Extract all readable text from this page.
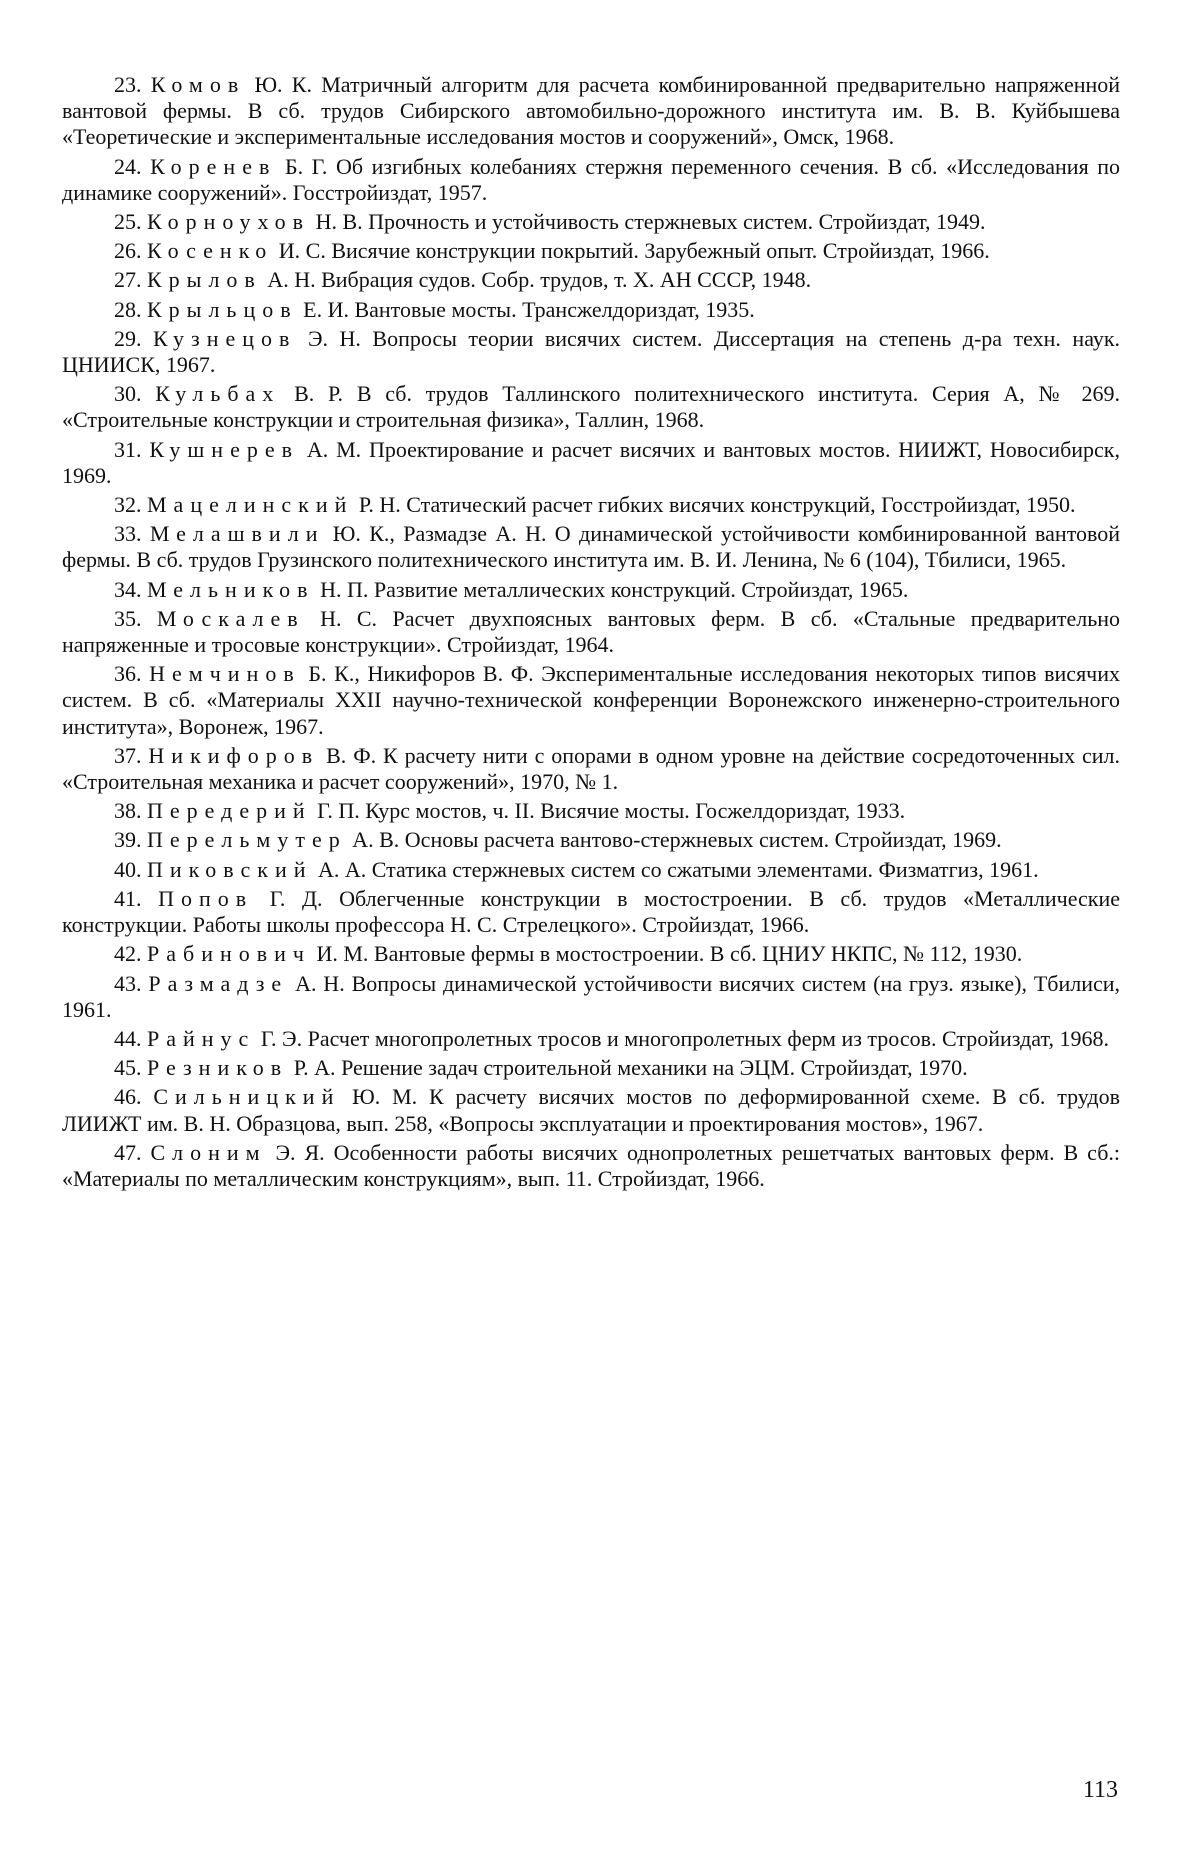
23. Комов Ю. К. Матричный алгоритм для расчета комбинированной предварительно напряженной вантовой фермы. В сб. трудов Сибирского автомобильно-дорожного института им. В. В. Куйбышева «Теоретические и экспериментальные исследования мостов и сооружений», Омск, 1968.

24. Коренев Б. Г. Об изгибных колебаниях стержня переменного сечения. В сб. «Исследования по динамике сооружений». Госстройиздат, 1957.

25. Корноухов Н. В. Прочность и устойчивость стержневых систем. Стройиздат, 1949.

26. Косенко И. С. Висячие конструкции покрытий. Зарубежный опыт. Стройиздат, 1966.

27. Крылов А. Н. Вибрация судов. Собр. трудов, т. X. АН СССР, 1948.

28. Крыльцов Е. И. Вантовые мосты. Трансжелдориздат, 1935.

29. Кузнецов Э. Н. Вопросы теории висячих систем. Диссертация на степень д-ра техн. наук. ЦНИИСК, 1967.

30. Кульбах В. Р. В сб. трудов Таллинского политехнического института. Серия А, № 269. «Строительные конструкции и строительная физика», Таллин, 1968.

31. Кушнерев А. М. Проектирование и расчет висячих и вантовых мостов. НИИЖТ, Новосибирск, 1969.

32. Мацелинский Р. Н. Статический расчет гибких висячих конструкций, Госстройиздат, 1950.

33. Мелашвили Ю. К., Размадзе А. Н. О динамической устойчивости комбинированной вантовой фермы. В сб. трудов Грузинского политехнического института им. В. И. Ленина, № 6 (104), Тбилиси, 1965.

34. Мельников Н. П. Развитие металлических конструкций. Стройиздат, 1965.

35. Москалев Н. С. Расчет двухпоясных вантовых ферм. В сб. «Стальные предварительно напряженные и тросовые конструкции». Стройиздат, 1964.

36. Немчинов Б. К., Никифоров В. Ф. Экспериментальные исследования некоторых типов висячих систем. В сб. «Материалы XXII научно-технической конференции Воронежского инженерно-строительного института», Воронеж, 1967.

37. Никифоров В. Ф. К расчету нити с опорами в одном уровне на действие сосредоточенных сил. «Строительная механика и расчет сооружений», 1970, № 1.

38. Передерий Г. П. Курс мостов, ч. II. Висячие мосты. Госжелдориздат, 1933.

39. Перельмутер А. В. Основы расчета вантово-стержневых систем. Стройиздат, 1969.

40. Пиковский А. А. Статика стержневых систем со сжатыми элементами. Физматгиз, 1961.

41. Попов Г. Д. Облегченные конструкции в мостостроении. В сб. трудов «Металлические конструкции. Работы школы профессора Н. С. Стрелецкого». Стройиздат, 1966.

42. Рабинович И. М. Вантовые фермы в мостостроении. В сб. ЦНИУ НКПС, № 112, 1930.

43. Размадзе А. Н. Вопросы динамической устойчивости висячих систем (на груз. языке), Тбилиси, 1961.

44. Райнус Г. Э. Расчет многопролетных тросов и многопролетных ферм из тросов. Стройиздат, 1968.

45. Резников Р. А. Решение задач строительной механики на ЭЦМ. Стройиздат, 1970.

46. Сильницкий Ю. М. К расчету висячих мостов по деформированной схеме. В сб. трудов ЛИИЖТ им. В. Н. Образцова, вып. 258, «Вопросы эксплуатации и проектирования мостов», 1967.

47. Слоним Э. Я. Особенности работы висячих однопролетных решетчатых вантовых ферм. В сб.: «Материалы по металлическим конструкциям», вып. 11. Стройиздат, 1966.

113
